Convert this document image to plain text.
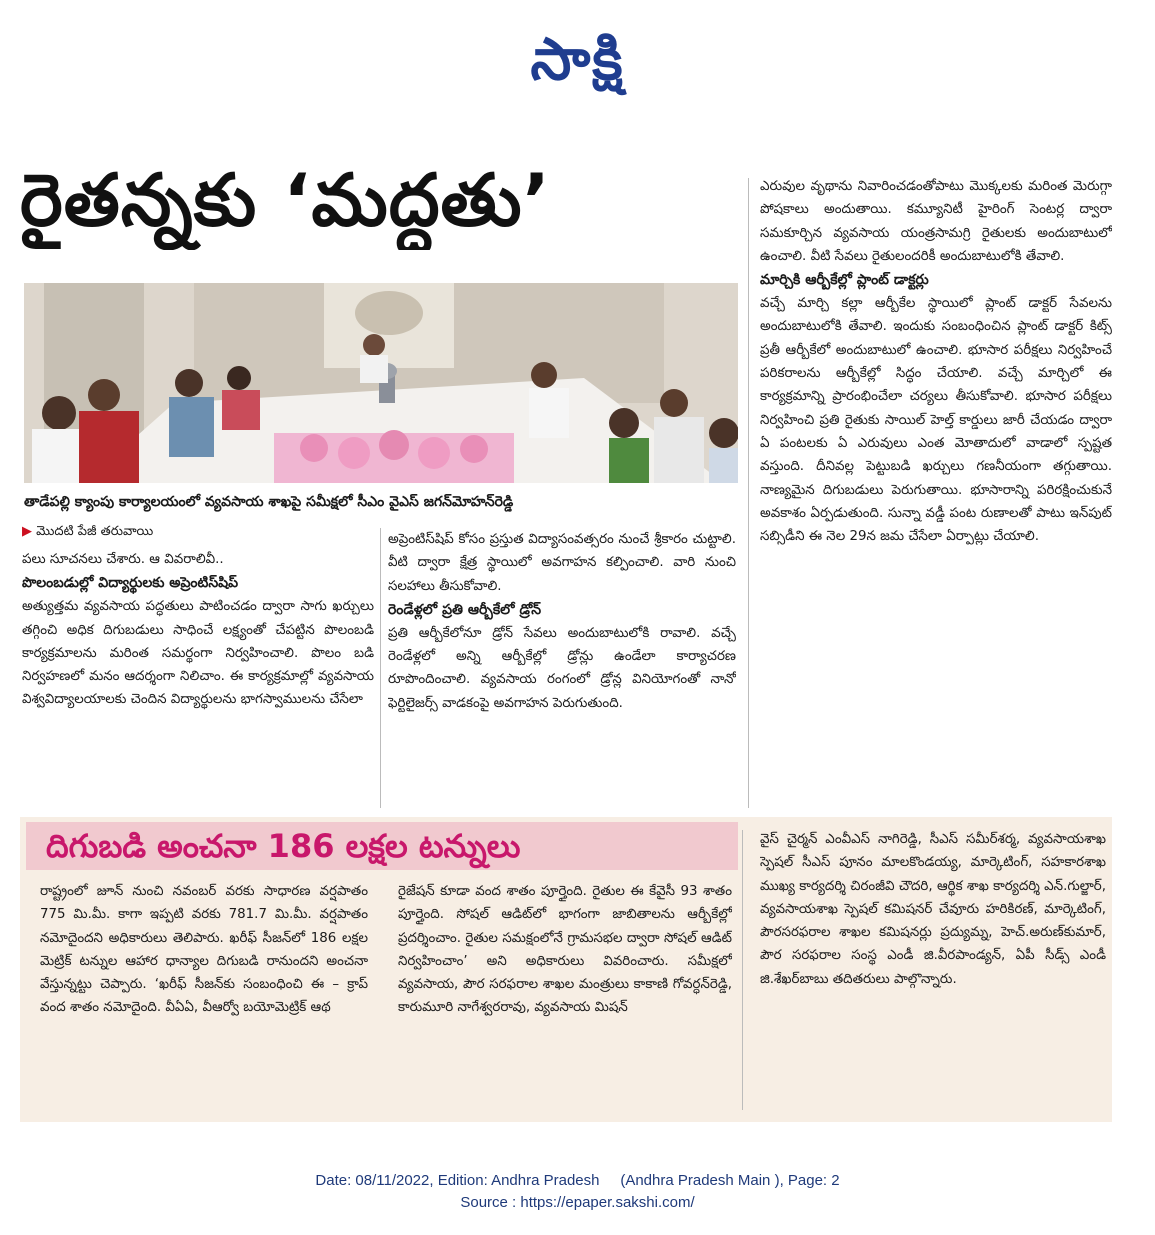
సాక్షి
రైతన్నకు ‘మద్దతు’
తాడేపల్లి క్యాంపు కార్యాలయంలో వ్యవసాయ శాఖపై సమీక్షలో సీఎం వైఎస్‌ జగన్‌మోహన్‌రెడ్డి
▶ మొదటి పేజీ తరువాయి

పలు సూచనలు చేశారు. ఆ వివరాలివీ..

పొలంబడుల్లో విద్యార్థులకు అప్రెంటిస్‌షిప్‌

అత్యుత్తమ వ్యవసాయ పద్ధతులు పాటించడం ద్వారా సాగు ఖర్చులు తగ్గించి అధిక దిగుబడులు సాధించే లక్ష్యంతో చేపట్టిన పొలంబడి కార్యక్రమాలను మరింత సమర్థంగా నిర్వహించాలి. పొలం బడి నిర్వహణలో మనం ఆదర్శంగా నిలిచాం. ఈ కార్యక్రమాల్లో వ్యవసాయ విశ్వవిద్యాలయాలకు చెందిన విద్యార్థులను భాగస్వాములను చేసేలా

అప్రెంటిస్‌షిప్‌ కోసం ప్రస్తుత విద్యాసంవత్సరం నుంచే శ్రీకారం చుట్టాలి. వీటి ద్వారా క్షేత్ర స్థాయిలో అవగాహన కల్పించాలి. వారి నుంచి సలహాలు తీసుకోవాలి.

రెండేళ్లలో ప్రతి ఆర్బీకేలో డ్రోన్‌

ప్రతి ఆర్బీకేలోనూ డ్రోన్‌ సేవలు అందుబాటులోకి రావాలి. వచ్చే రెండేళ్లలో అన్ని ఆర్బీకేల్లో డ్రోన్లు ఉండేలా కార్యాచరణ రూపొందించాలి. వ్యవసాయ రంగంలో డ్రోన్ల వినియోగంతో నానో ఫెర్టిలైజర్స్‌ వాడకంపై అవగాహన పెరుగుతుంది.

ఎరువుల వృథాను నివారించడంతోపాటు మొక్కలకు మరింత మెరుగ్గా పోషకాలు అందుతాయి. కమ్యూనిటీ హైరింగ్‌ సెంటర్ల ద్వారా సమకూర్చిన వ్యవసాయ యంత్రసామగ్రి రైతులకు అందుబాటులో ఉంచాలి. వీటి సేవలు రైతులందరికీ అందుబాటులోకి తేవాలి.

మార్చికి ఆర్బీకేల్లో ప్లాంట్‌ డాక్టర్లు

వచ్చే మార్చి కల్లా ఆర్బీకేల స్థాయిలో ప్లాంట్‌ డాక్టర్‌ సేవలను అందుబాటులోకి తేవాలి. ఇందుకు సంబంధించిన ప్లాంట్‌ డాక్టర్‌ కిట్స్‌ ప్రతీ ఆర్బీకేలో అందుబాటులో ఉంచాలి. భూసార పరీక్షలు నిర్వహించే పరికరాలను ఆర్బీకేల్లో సిద్ధం చేయాలి. వచ్చే మార్చిలో ఈ కార్యక్రమాన్ని ప్రారంభించేలా చర్యలు తీసుకోవాలి. భూసార పరీక్షలు నిర్వహించి ప్రతి రైతుకు సాయిల్‌ హెల్త్‌ కార్డులు జారీ చేయడం ద్వారా ఏ పంటలకు ఏ ఎరువులు ఎంత మోతాదులో వాడాలో స్పష్టత వస్తుంది. దీనివల్ల పెట్టుబడి ఖర్చులు గణనీయంగా తగ్గుతాయి. నాణ్యమైన దిగుబడులు పెరుగుతాయి. భూసారాన్ని పరిరక్షించుకునే అవకాశం ఏర్పడుతుంది. సున్నా వడ్డీ పంట రుణాలతో పాటు ఇన్‌పుట్‌ సబ్సిడీని ఈ నెల 29న జమ చేసేలా ఏర్పాట్లు చేయాలి.

దిగుబడి అంచనా 186 లక్షల టన్నులు

రాష్ట్రంలో జూన్‌ నుంచి నవంబర్‌ వరకు సాధారణ వర్షపాతం 775 మి.మీ. కాగా ఇప్పటి వరకు 781.7 మి.మీ. వర్షపాతం నమోదైందని అధికారులు తెలిపారు. ఖరీఫ్‌ సీజన్‌లో 186 లక్షల మెట్రిక్‌ టన్నుల ఆహార ధాన్యాల దిగుబడి రానుందని అంచనా వేస్తున్నట్టు చెప్పారు. ‘ఖరీఫ్‌ సీజన్‌కు సంబంధించి ఈ – క్రాప్‌ వంద శాతం నమోదైంది. వీఏఏ, వీఆర్వో బయోమెట్రిక్‌ ఆథ

రైజేషన్‌ కూడా వంద శాతం పూర్తైంది. రైతుల ఈ కేవైసీ 93 శాతం పూర్తైంది. సోషల్‌ ఆడిట్‌లో భాగంగా జాబితాలను ఆర్బీకేల్లో ప్రదర్శించాం. రైతుల సమక్షంలోనే గ్రామసభల ద్వారా సోషల్‌ ఆడిట్‌ నిర్వహించాం’ అని అధికారులు వివరించారు. సమీక్షలో వ్యవసాయ, పౌర సరఫరాల శాఖల మంత్రులు కాకాణి గోవర్ధన్‌రెడ్డి, కారుమూరి నాగేశ్వరరావు, వ్యవసాయ మిషన్‌

వైస్‌ చైర్మన్‌ ఎంవీఎస్‌ నాగిరెడ్డి, సీఎస్‌ సమీర్‌శర్మ, వ్యవసాయశాఖ స్పెషల్‌ సీఎస్‌ పూనం మాలకొండయ్య, మార్కెటింగ్, సహకారశాఖ ముఖ్య కార్యదర్శి చిరంజీవి చౌదరి, ఆర్థిక శాఖ కార్యదర్శి ఎన్‌.గుల్జార్, వ్యవసాయశాఖ స్పెషల్‌ కమిషనర్‌ చేవూరు హరికిరణ్, మార్కెటింగ్, పౌరసరఫరాల శాఖల కమిషనర్లు ప్రద్యుమ్న, హెచ్‌.అరుణ్‌కుమార్, పౌర సరఫరాల సంస్థ ఎండీ జి.వీరపాండ్యన్, ఏపీ సీడ్స్‌ ఎండీ జి.శేఖర్‌బాబు తదితరులు పాల్గొన్నారు.

Date: 08/11/2022, Edition: Andhra Pradesh     (Andhra Pradesh Main ), Page: 2
Source : https://epaper.sakshi.com/
